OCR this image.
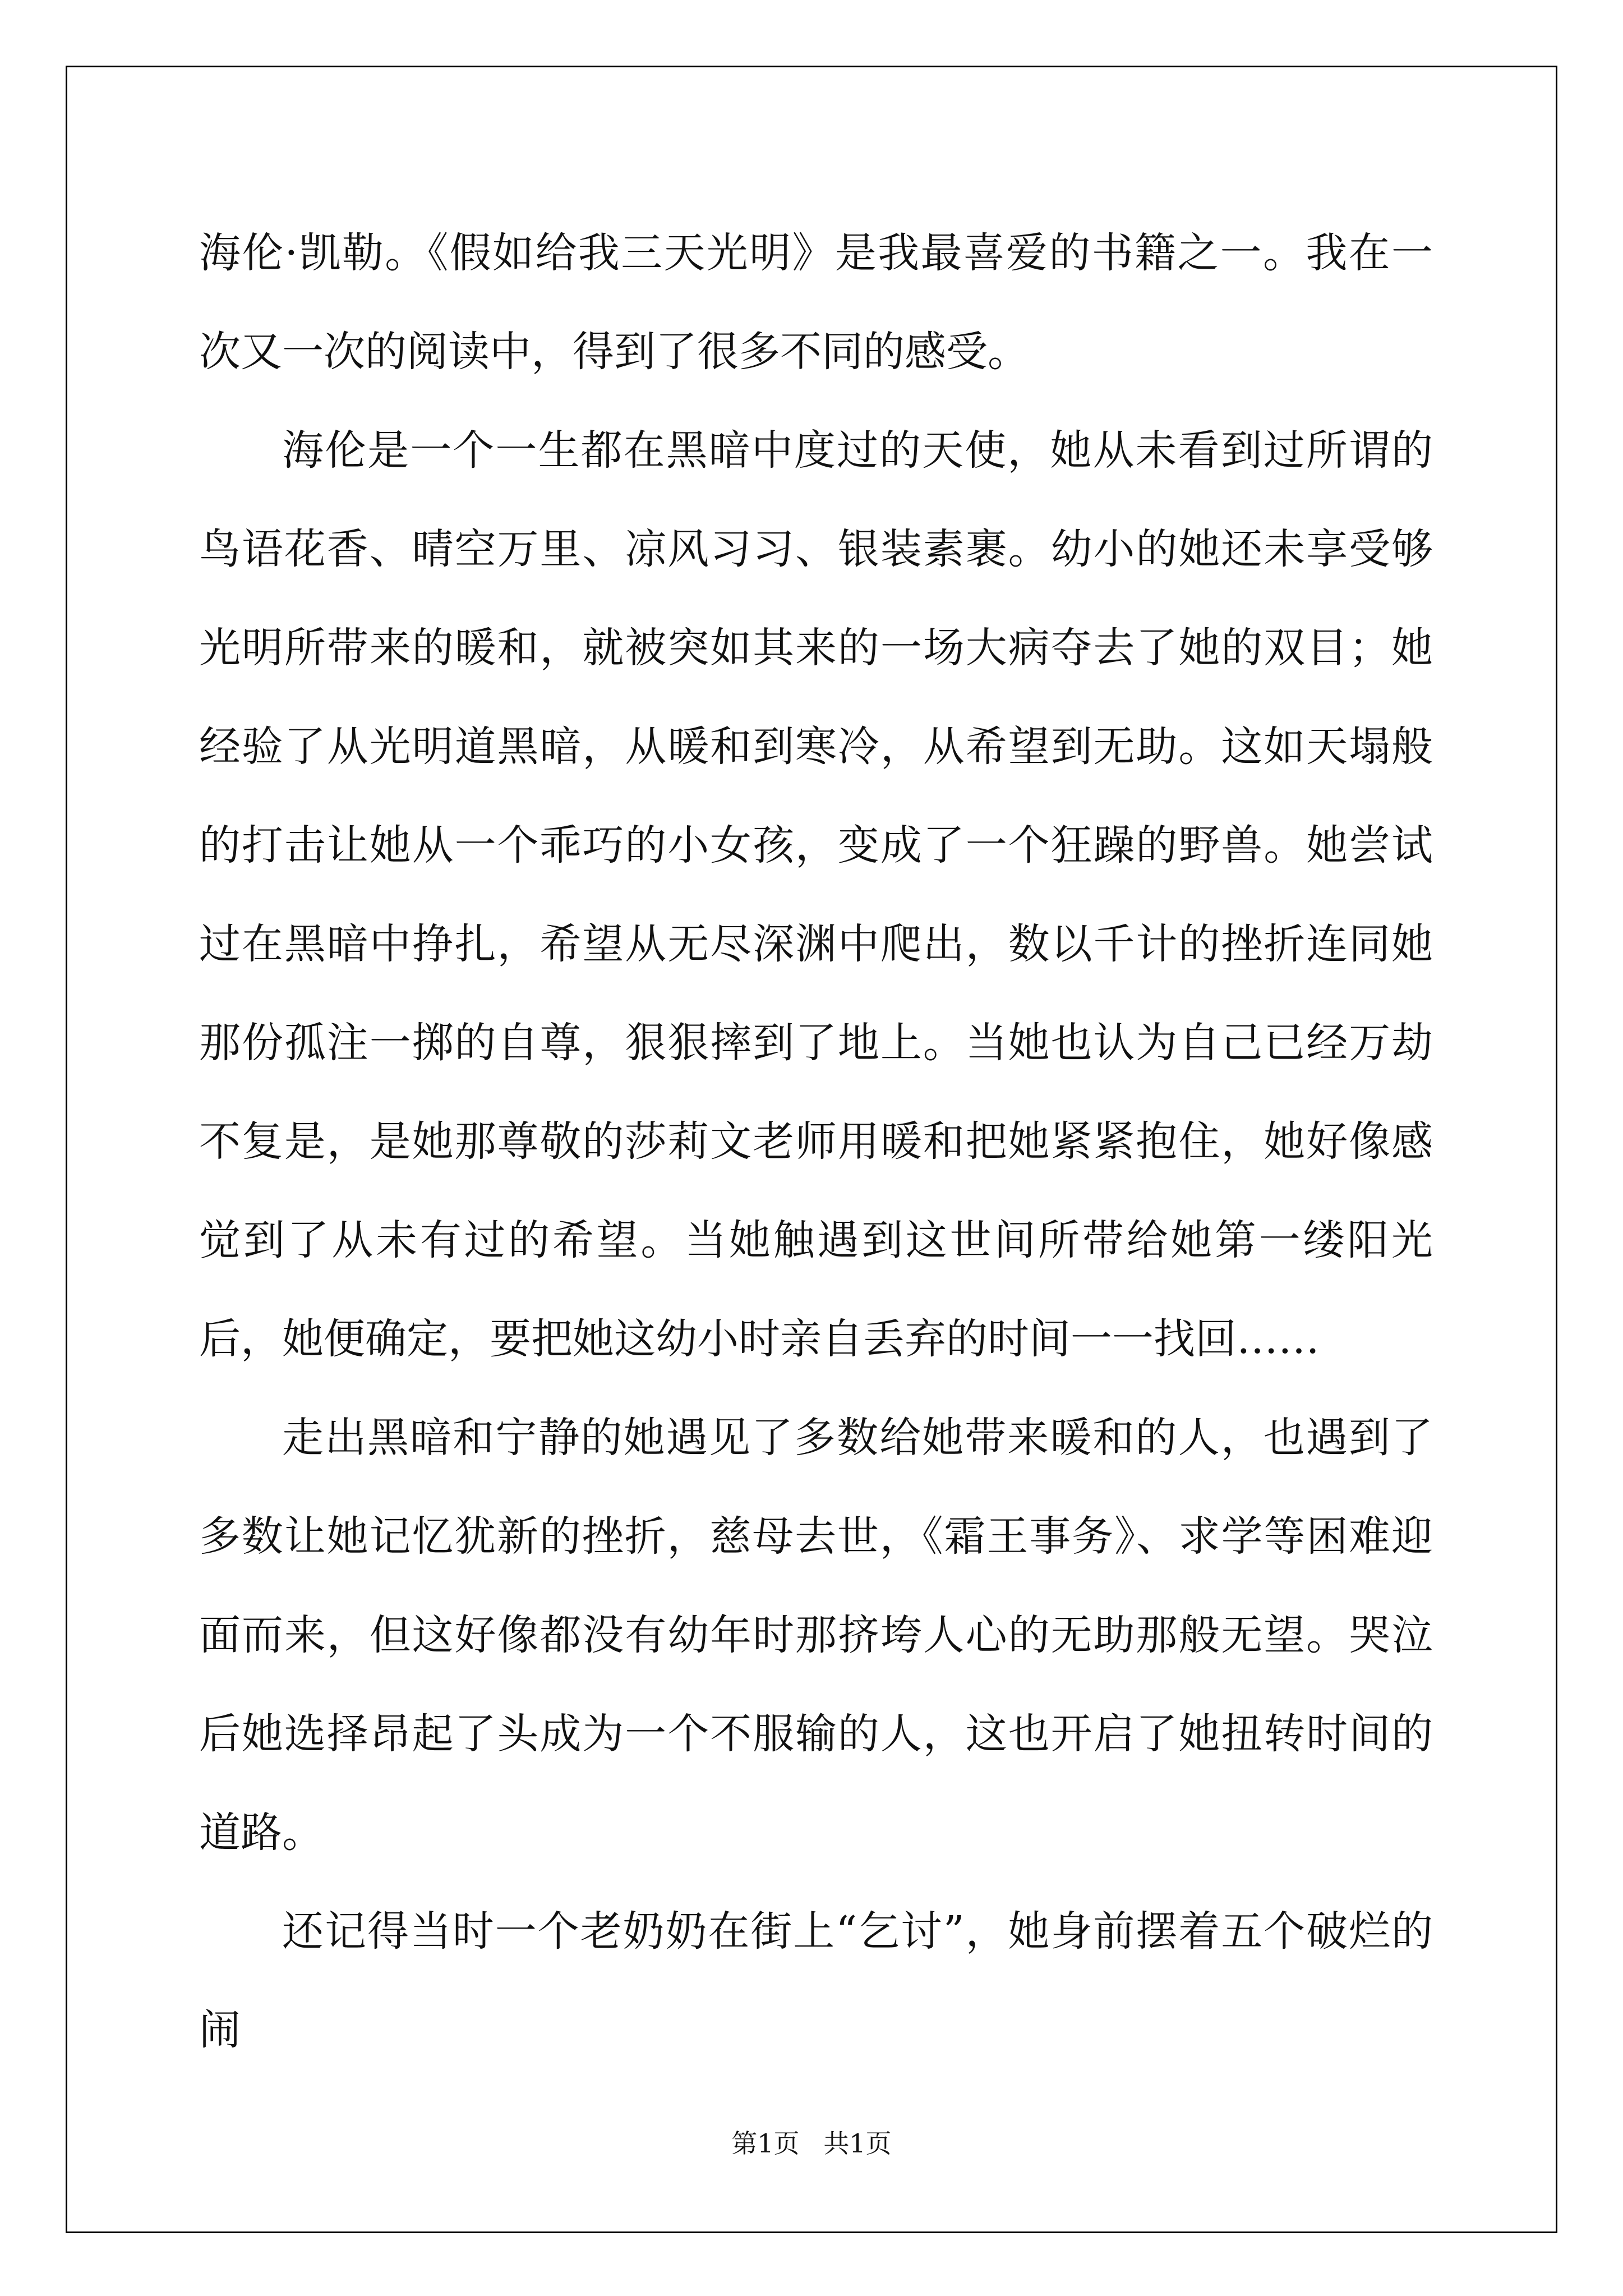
海伦·凯勒。《假如给我三天光明》是我最喜爱的书籍之一。我在一次又一次的阅读中，得到了很多不同的感受。

海伦是一个一生都在黑暗中度过的天使，她从未看到过所谓的鸟语花香、晴空万里、凉风习习、银装素裹。幼小的她还未享受够光明所带来的暖和，就被突如其来的一场大病夺去了她的双目；她经验了从光明道黑暗，从暖和到寒冷，从希望到无助。这如天塌般的打击让她从一个乖巧的小女孩，变成了一个狂躁的野兽。她尝试过在黑暗中挣扎，希望从无尽深渊中爬出，数以千计的挫折连同她那份孤注一掷的自尊，狠狠摔到了地上。当她也认为自己已经万劫不复是，是她那尊敬的莎莉文老师用暖和把她紧紧抱住，她好像感觉到了从未有过的希望。当她触遇到这世间所带给她第一缕阳光后，她便确定，要把她这幼小时亲自丢弃的时间一一找回……

走出黑暗和宁静的她遇见了多数给她带来暖和的人，也遇到了多数让她记忆犹新的挫折，慈母去世，《霜王事务》、求学等困难迎面而来，但这好像都没有幼年时那挤垮人心的无助那般无望。哭泣后她选择昂起了头成为一个不服输的人，这也开启了她扭转时间的道路。

还记得当时一个老奶奶在街上“乞讨”，她身前摆着五个破烂的闹

第1页 共1页
